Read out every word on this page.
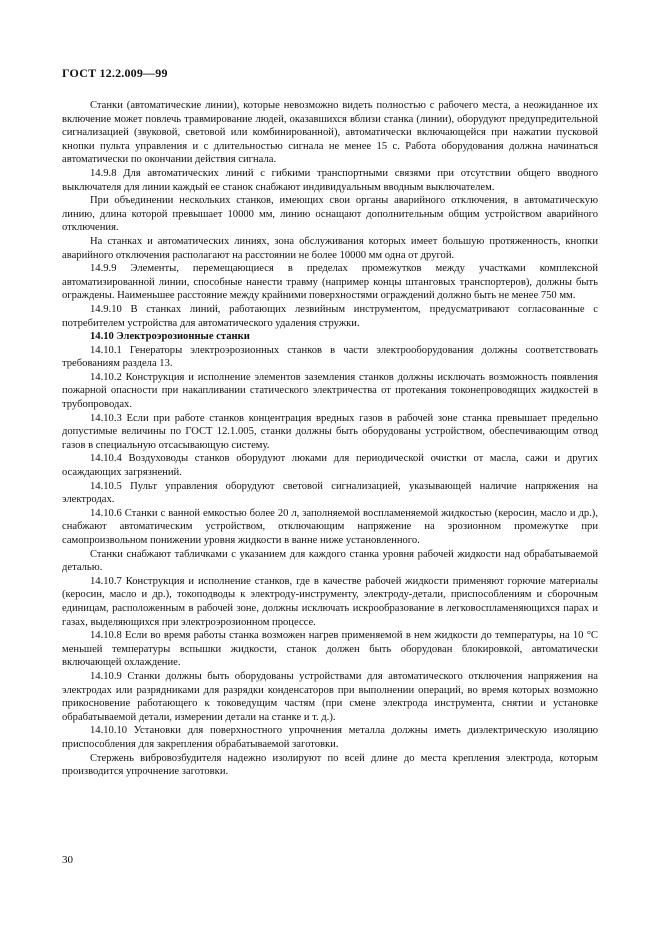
ГОСТ 12.2.009—99

Станки (автоматические линии), которые невозможно видеть полностью с рабочего места, а неожиданное их включение может повлечь травмирование людей, оказавшихся вблизи станка (линии), оборудуют предупредительной сигнализацией (звуковой, световой или комбинированной), автоматически включающейся при нажатии пусковой кнопки пульта управления и с длительностью сигнала не менее 15 с. Работа оборудования должна начинаться автоматически по окончании действия сигнала.

14.9.8 Для автоматических линий с гибкими транспортными связями при отсутствии общего вводного выключателя для линии каждый ее станок снабжают индивидуальным вводным выключателем.

При объединении нескольких станков, имеющих свои органы аварийного отключения, в автоматическую линию, длина которой превышает 10000 мм, линию оснащают дополнительным общим устройством аварийного отключения.

На станках и автоматических линиях, зона обслуживания которых имеет большую протяженность, кнопки аварийного отключения располагают на расстоянии не более 10000 мм одна от другой.

14.9.9 Элементы, перемещающиеся в пределах промежутков между участками комплексной автоматизированной линии, способные нанести травму (например концы штанговых транспортеров), должны быть ограждены. Наименьшее расстояние между крайними поверхностями ограждений должно быть не менее 750 мм.

14.9.10 В станках линий, работающих лезвийным инструментом, предусматривают согласованные с потребителем устройства для автоматического удаления стружки.

14.10 Электроэрозионные станки

14.10.1 Генераторы электроэрозионных станков в части электрооборудования должны соответствовать требованиям раздела 13.

14.10.2 Конструкция и исполнение элементов заземления станков должны исключать возможность появления пожарной опасности при накапливании статического электричества от протекания токонепроводящих жидкостей в трубопроводах.

14.10.3 Если при работе станков концентрация вредных газов в рабочей зоне станка превышает предельно допустимые величины по ГОСТ 12.1.005, станки должны быть оборудованы устройством, обеспечивающим отвод газов в специальную отсасывающую систему.

14.10.4 Воздуховоды станков оборудуют люками для периодической очистки от масла, сажи и других осаждающих загрязнений.

14.10.5 Пульт управления оборудуют световой сигнализацией, указывающей наличие напряжения на электродах.

14.10.6 Станки с ванной емкостью более 20 л, заполняемой воспламеняемой жидкостью (керосин, масло и др.), снабжают автоматическим устройством, отключающим напряжение на эрозионном промежутке при самопроизвольном понижении уровня жидкости в ванне ниже установленного.

Станки снабжают табличками с указанием для каждого станка уровня рабочей жидкости над обрабатываемой деталью.

14.10.7 Конструкция и исполнение станков, где в качестве рабочей жидкости применяют горючие материалы (керосин, масло и др.), токоподводы к электроду-инструменту, электроду-детали, приспособлениям и сборочным единицам, расположенным в рабочей зоне, должны исключать искрообразование в легковоспламеняющихся парах и газах, выделяющихся при электроэрозионном процессе.

14.10.8 Если во время работы станка возможен нагрев применяемой в нем жидкости до температуры, на 10 °C меньшей температуры вспышки жидкости, станок должен быть оборудован блокировкой, автоматически включающей охлаждение.

14.10.9 Станки должны быть оборудованы устройствами для автоматического отключения напряжения на электродах или разрядниками для разрядки конденсаторов при выполнении операций, во время которых возможно прикосновение работающего к токоведущим частям (при смене электрода инструмента, снятии и установке обрабатываемой детали, измерении детали на станке и т. д.).

14.10.10 Установки для поверхностного упрочнения металла должны иметь диэлектрическую изоляцию приспособления для закрепления обрабатываемой заготовки.

Стержень вибровозбудителя надежно изолируют по всей длине до места крепления электрода, которым производится упрочнение заготовки.

30
